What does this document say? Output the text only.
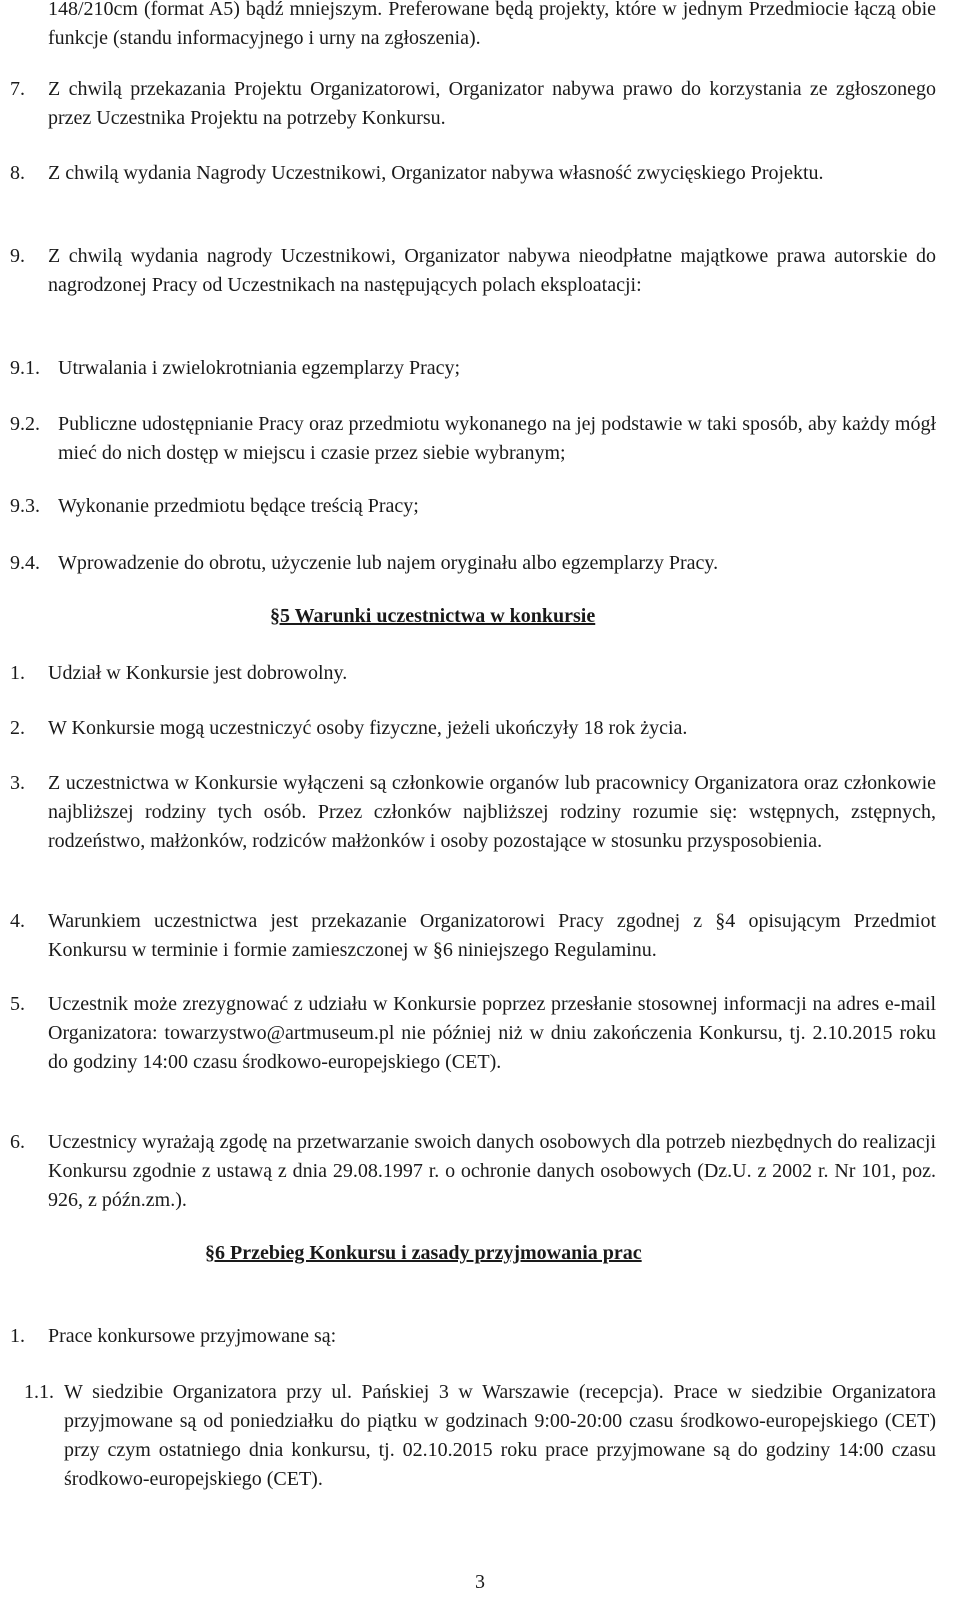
148/210cm (format A5) bądź mniejszym. Preferowane będą projekty, które w jednym Przedmiocie łączą obie funkcje (standu informacyjnego i urny na zgłoszenia).

7.	Z chwilą przekazania Projektu Organizatorowi, Organizator nabywa prawo do korzystania ze zgłoszonego przez Uczestnika Projektu na potrzeby Konkursu.
8.	Z chwilą wydania Nagrody Uczestnikowi, Organizator nabywa własność zwycięskiego Projektu.
9.	Z chwilą wydania nagrody Uczestnikowi, Organizator nabywa nieodpłatne majątkowe prawa autorskie do nagrodzonej Pracy od Uczestnikach na następujących polach eksploatacji:
9.1. Utrwalania i zwielokrotniania egzemplarzy Pracy;
9.2. Publiczne udostępnianie Pracy oraz przedmiotu wykonanego na jej podstawie w taki sposób, aby każdy mógł mieć do nich dostęp w miejscu i czasie przez siebie wybranym;
9.3. Wykonanie przedmiotu będące treścią Pracy;
9.4. Wprowadzenie do obrotu, użyczenie lub najem oryginału albo egzemplarzy Pracy.
§5 Warunki uczestnictwa w konkursie
1.	Udział w Konkursie jest dobrowolny.
2.	W Konkursie mogą uczestniczyć osoby fizyczne, jeżeli ukończyły 18 rok życia.
3.	Z uczestnictwa w Konkursie wyłączeni są członkowie organów lub pracownicy Organizatora oraz członkowie najbliższej rodziny tych osób. Przez członków najbliższej rodziny rozumie się: wstępnych, zstępnych, rodzeństwo, małżonków, rodziców małżonków i osoby pozostające w stosunku przysposobienia.
4.	Warunkiem uczestnictwa jest przekazanie Organizatorowi Pracy zgodnej z §4 opisującym Przedmiot Konkursu w terminie i formie zamieszczonej w §6 niniejszego Regulaminu.
5.	Uczestnik może zrezygnować z udziału w Konkursie poprzez przesłanie stosownej informacji na adres e-mail Organizatora: towarzystwo@artmuseum.pl nie później niż w dniu zakończenia Konkursu, tj. 2.10.2015 roku do godziny 14:00 czasu środkowo-europejskiego (CET).
6.	Uczestnicy wyrażają zgodę na przetwarzanie swoich danych osobowych dla potrzeb niezbędnych do realizacji Konkursu zgodnie z ustawą z dnia 29.08.1997 r. o ochronie danych osobowych (Dz.U. z 2002 r. Nr 101, poz. 926, z późn.zm.).
§6 Przebieg Konkursu i zasady przyjmowania prac
1.	Prace konkursowe przyjmowane są:
1.1. W siedzibie Organizatora przy ul. Pańskiej 3 w Warszawie (recepcja). Prace w siedzibie Organizatora przyjmowane są od poniedziałku do piątku w godzinach 9:00-20:00 czasu środkowo-europejskiego (CET) przy czym ostatniego dnia konkursu, tj. 02.10.2015 roku prace przyjmowane są do godziny 14:00 czasu środkowo-europejskiego (CET).
3
